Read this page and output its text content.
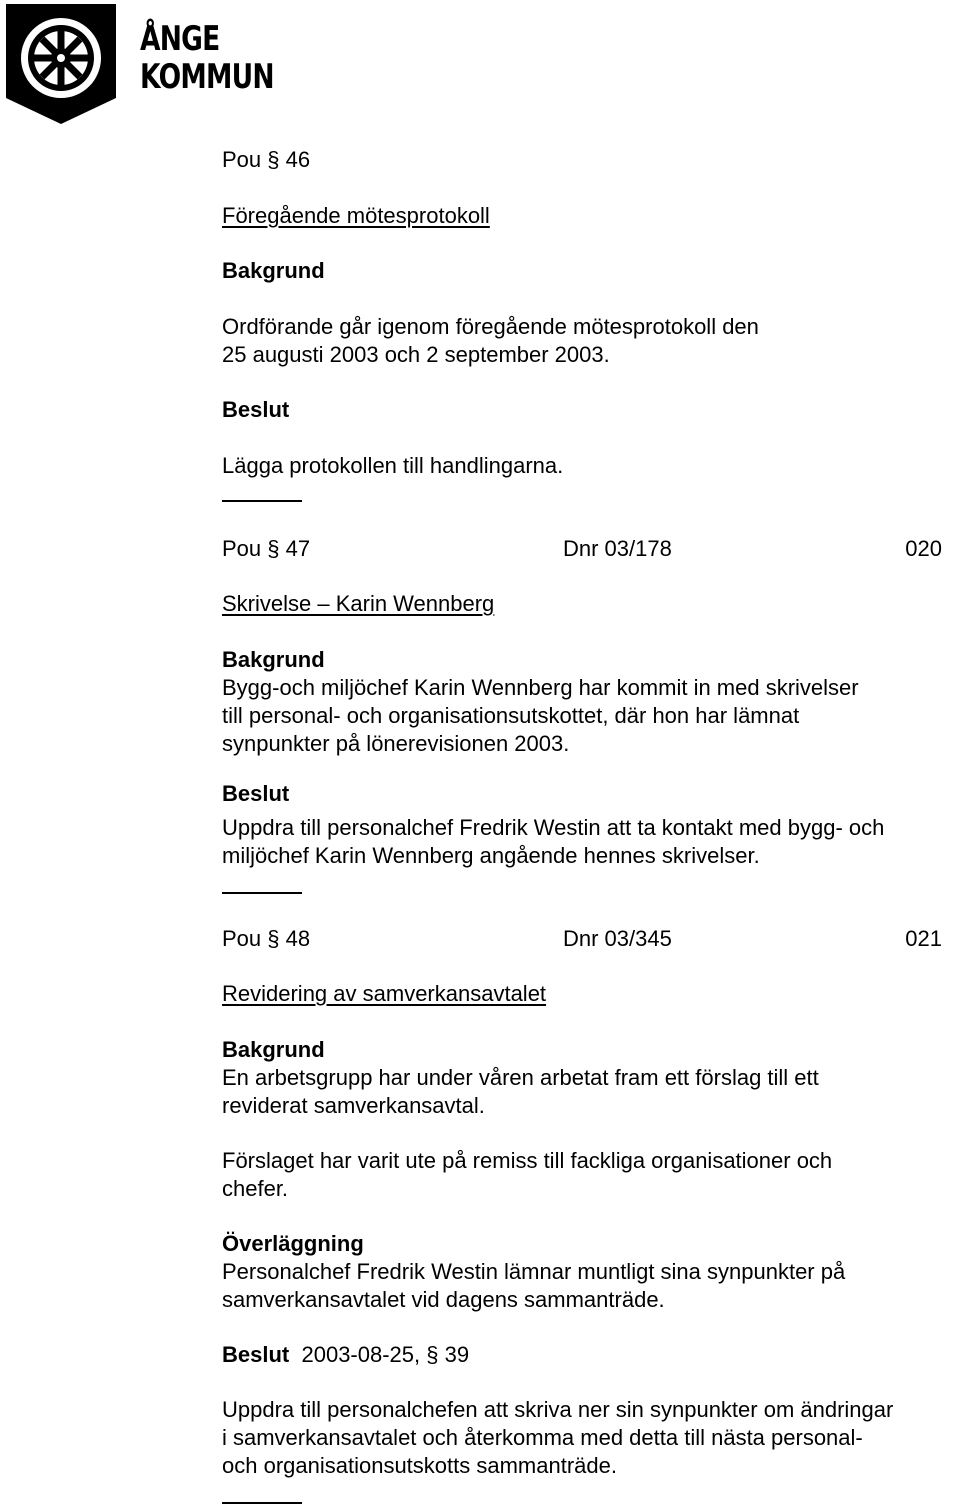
ÅNGE
KOMMUN
Pou § 46
Föregående mötesprotokoll
Bakgrund
Ordförande går igenom föregående mötesprotokoll den
25 augusti 2003 och 2 september 2003.
Beslut
Lägga protokollen till handlingarna.
Pou § 47	Dnr 03/178	020
Skrivelse – Karin Wennberg
Bakgrund
Bygg-och miljöchef Karin Wennberg har kommit in med skrivelser
till personal- och organisationsutskottet, där hon har lämnat
synpunkter på lönerevisionen 2003.
Beslut
Uppdra till personalchef Fredrik Westin att ta kontakt med bygg- och
miljöchef Karin Wennberg angående hennes skrivelser.
Pou § 48	Dnr 03/345	021
Revidering av samverkansavtalet
Bakgrund
En arbetsgrupp har under våren arbetat fram ett förslag till ett
reviderat samverkansavtal.
Förslaget har varit ute på remiss till fackliga organisationer och
chefer.
Överläggning
Personalchef Fredrik Westin lämnar muntligt sina synpunkter på
samverkansavtalet vid dagens sammanträde.
Beslut 2003-08-25, § 39
Uppdra till personalchefen att skriva ner sin synpunkter om ändringar
i samverkansavtalet och återkomma med detta till nästa personal-
och organisationsutskotts sammanträde.
